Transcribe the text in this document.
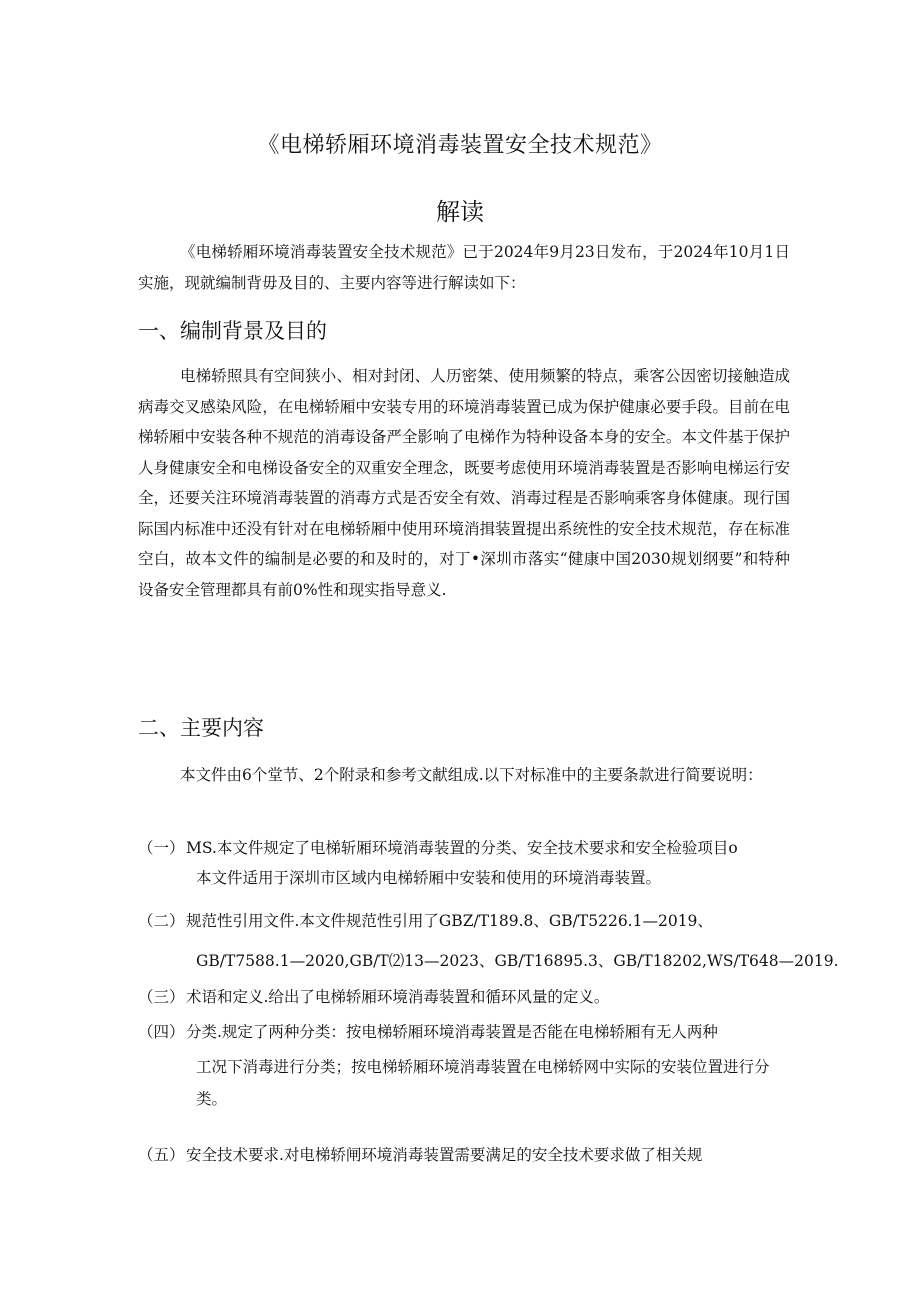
《电梯轿厢环境消毒装置安全技术规范》
解读
《电梯轿厢环境消毒装置安全技术规范》已于2024年9月23日发布，于2024年10月1日实施，现就编制背毋及目的、主要内容等进行解读如下：
一、编制背景及目的
电梯轿照具有空间狭小、相对封闭、人历密桀、使用频繁的特点，乘客公因密切接触造成病毒交叉感染风险，在电梯轿厢中安装专用的环境消毒装置已成为保护健康必要手段。目前在电梯轿厢中安装各种不规范的消毒设备严全影响了电梯作为特种设备本身的安全。本文件基于保护人身健康安全和电梯设备安全的双重安全理念，既要考虑使用环境消毒装置是否影响电梯运行安全，还要关注环境消毒装置的消毒方式是否安全有效、消毒过程是否影响乘客身体健康。现行国际国内标准中还没有针对在电梯轿厢中使用环境消揖装置提出系统性的安全技术规范，存在标准空白，故本文件的编制是必要的和及时的，对丁•深圳市落实“健康中国2030规划纲要”和特种设备安全管理都具有前0%性和现实指导意义.
二、主要内容
本文件由6个堂节、2个附录和参考文献组成.以下对标准中的主要条款进行简要说明：
（一） MS.本文件规定了电梯斩厢环境消毒装置的分类、安全技术要求和安全检验项目o
本文件适用于深圳市区域内电梯轿厢中安装和使用的环境消毒装置。
（二） 规范性引用文件.本文件规范性引用了GBZ/T189.8、GB/T5226.1—2019、
GB/T7588.1—2020,GB/T⑵13—2023、GB/T16895.3、GB/T18202,WS/T648—2019.
（三） 术语和定义.给出了电梯轿厢环境消毒装置和循环风量的定义。
（四） 分类.规定了两种分类：按电梯轿厢环境消毒装置是否能在电梯轿厢有无人两种
工况下消毒进行分类；按电梯轿厢环境消毒装置在电梯轿网中实际的安装位置进行分类。
（五） 安全技术要求.对电梯轿闸环境消毒装置需要满足的安全技术要求做了相关规
